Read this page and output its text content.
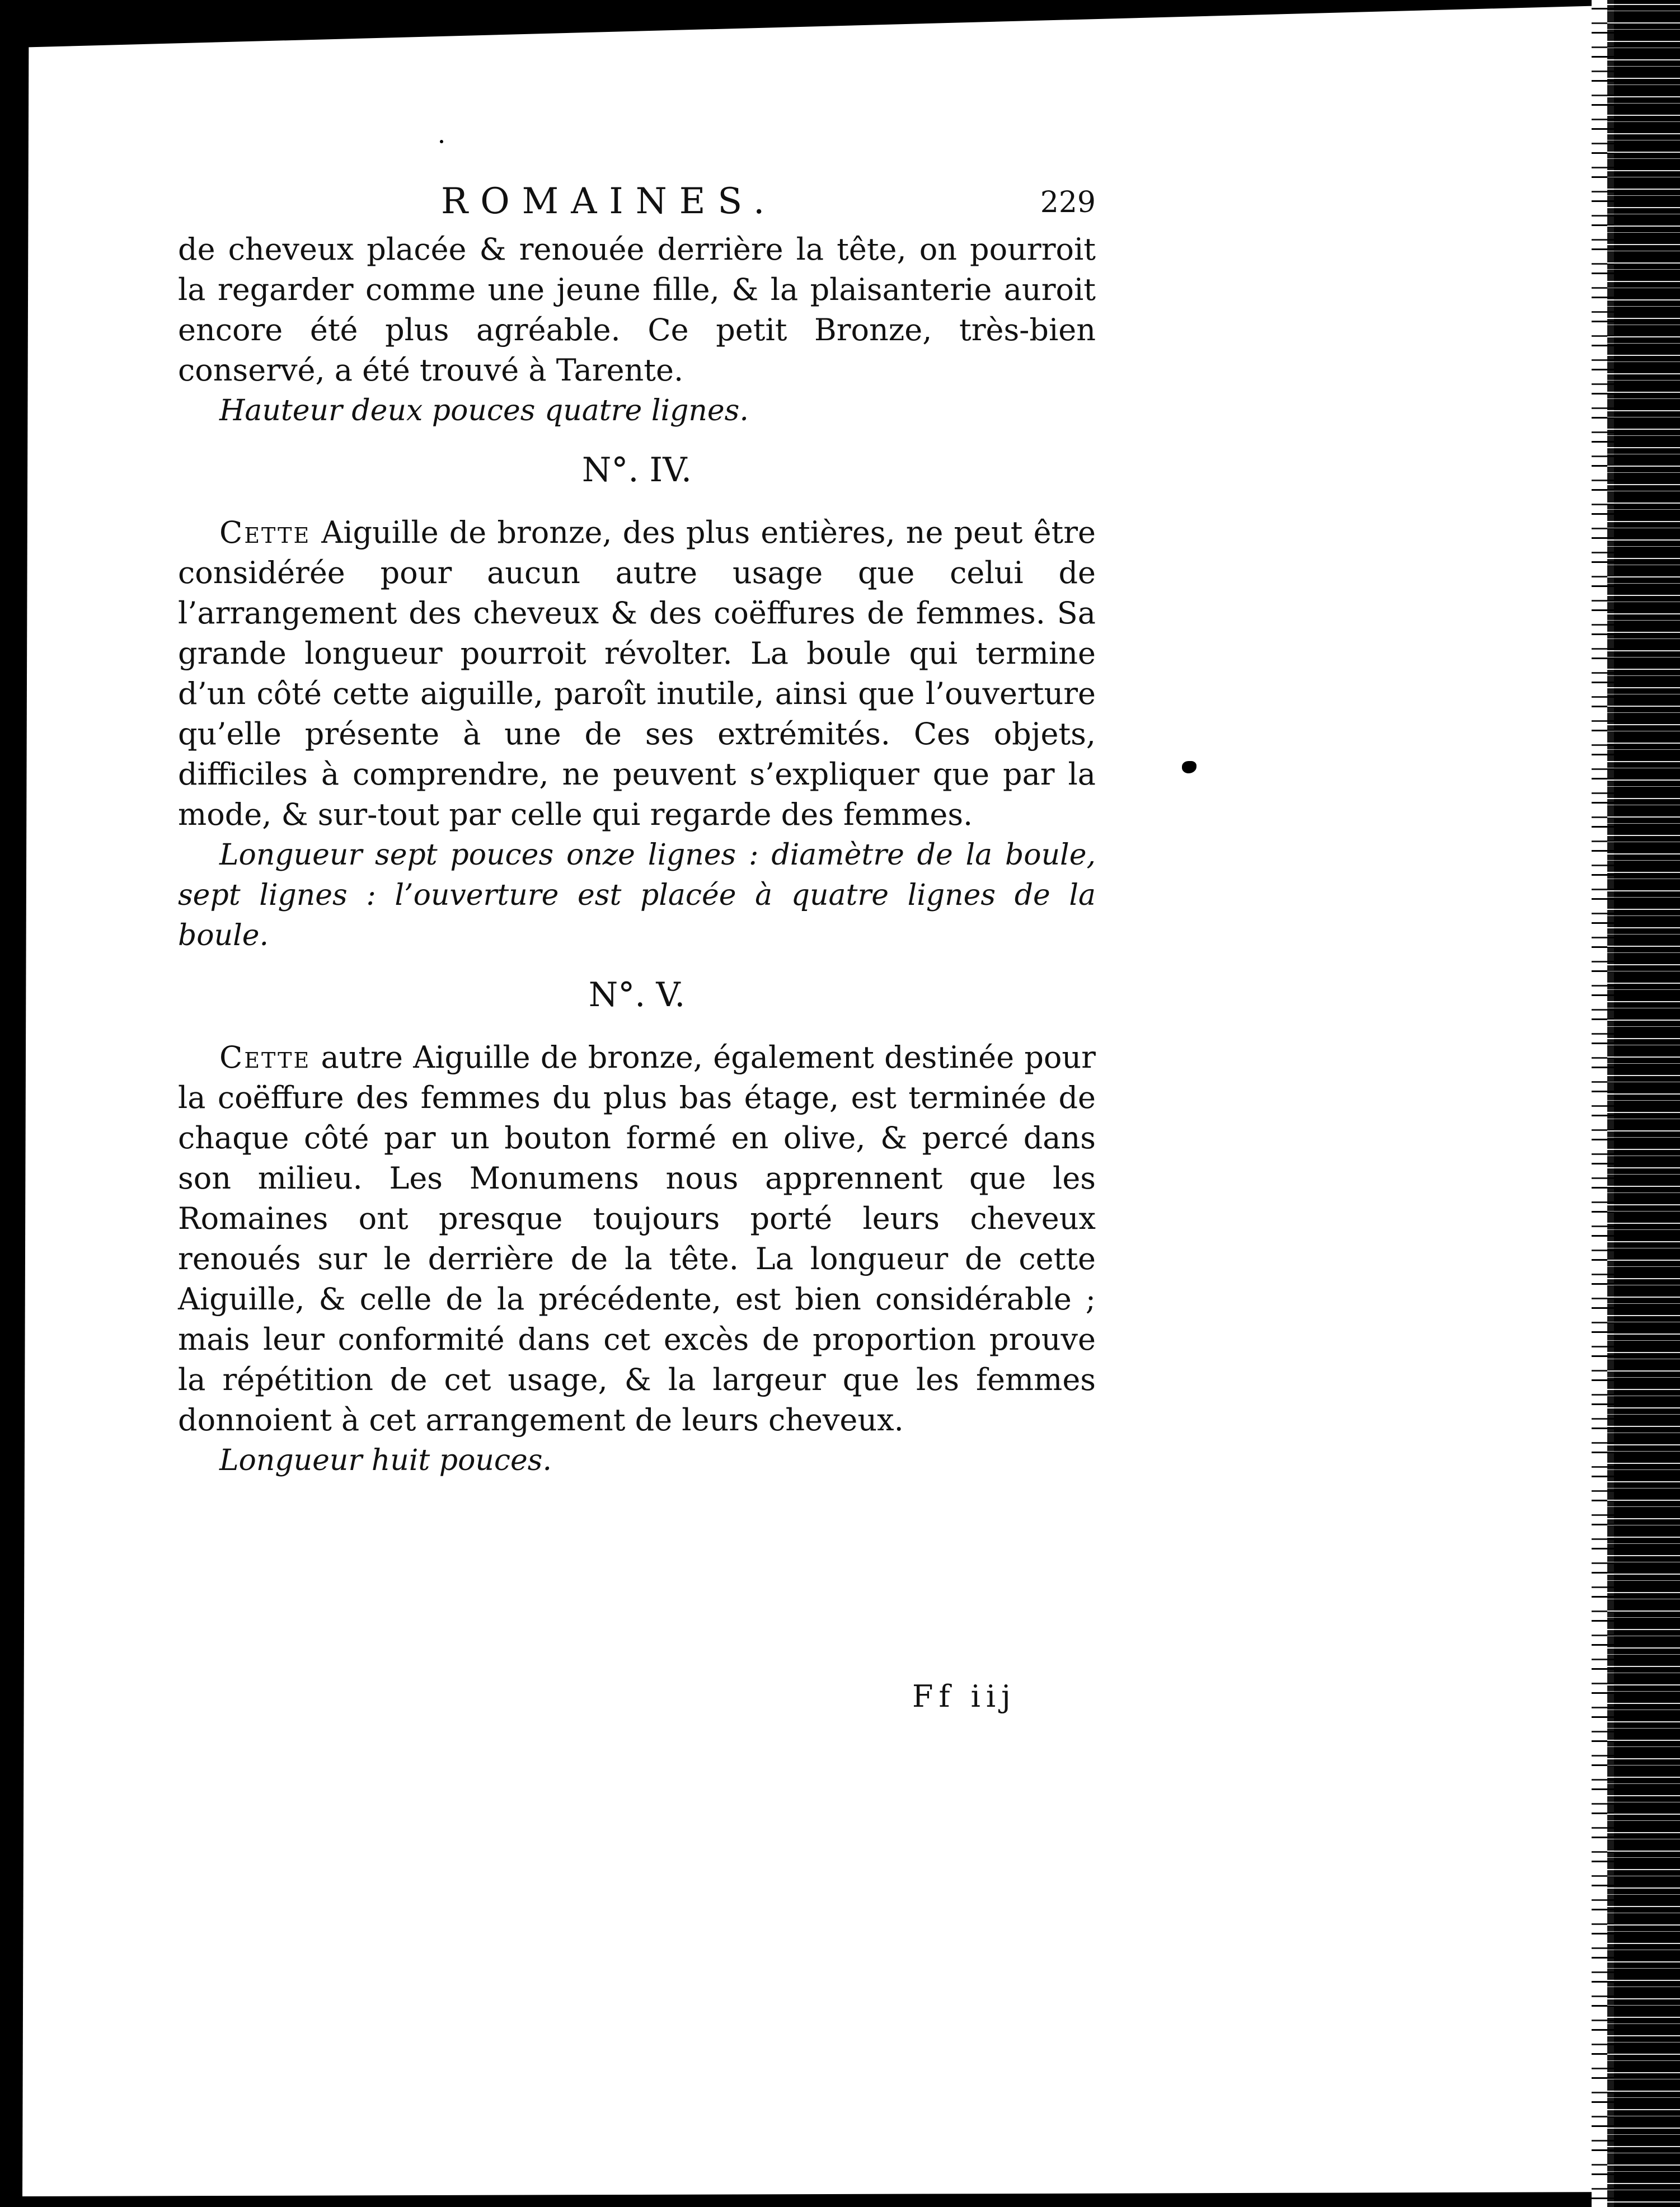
ROMAINES.	229

de cheveux placée & renouée derrière la tête, on pourroit la regarder comme une jeune fille, & la plaisanterie auroit encore été plus agréable. Ce petit Bronze, très-bien conservé, a été trouvé à Tarente.

Hauteur deux pouces quatre lignes.

N°. IV.

Cette Aiguille de bronze, des plus entières, ne peut être considérée pour aucun autre usage que celui de l’arrangement des cheveux & des coëffures de femmes. Sa grande longueur pourroit révolter. La boule qui termine d’un côté cette aiguille, paroît inutile, ainsi que l’ouverture qu’elle présente à une de ses extrémités. Ces objets, difficiles à comprendre, ne peuvent s’expliquer que par la mode, & sur-tout par celle qui regarde des femmes.

Longueur sept pouces onze lignes : diamètre de la boule, sept lignes : l’ouverture est placée à quatre lignes de la boule.

N°. V.

Cette autre Aiguille de bronze, également destinée pour la coëffure des femmes du plus bas étage, est terminée de chaque côté par un bouton formé en olive, & percé dans son milieu. Les Monumens nous apprennent que les Romaines ont presque toujours porté leurs cheveux renoués sur le derrière de la tête. La longueur de cette Aiguille, & celle de la précédente, est bien considérable ; mais leur conformité dans cet excès de proportion prouve la répétition de cet usage, & la largeur que les femmes donnoient à cet arrangement de leurs cheveux.

Longueur huit pouces.

Ff iij
